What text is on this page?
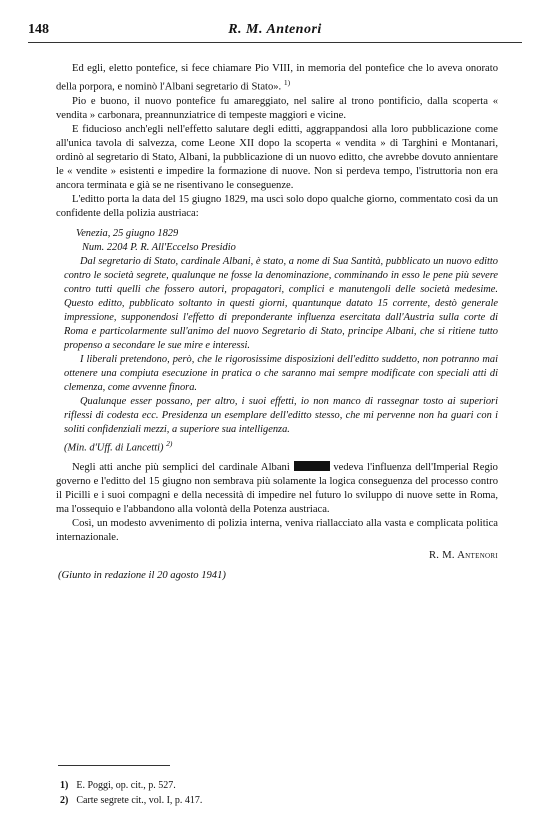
148	R. M. Antenori

Ed egli, eletto pontefice, si fece chiamare Pio VIII, in memoria del pontefice che lo aveva onorato della porpora, e nominò l'Albani segretario di Stato». $^{1)}$

Pio e buono, il nuovo pontefice fu amareggiato, nel salire al trono pontificio, dalla scoperta « vendita » carbonara, preannunziatrice di tempeste maggiori e vicine.

E fiducioso anch'egli nell'effetto salutare degli editti, aggrappandosi alla loro pubblicazione come all'unica tavola di salvezza, come Leone XII dopo la scoperta « vendita » di Targhini e Montanari, ordinò al segretario di Stato, Albani, la pubblicazione di un nuovo editto, che avrebbe dovuto annientare le « vendite » esistenti e impedire la formazione di nuove. Non si perdeva tempo, l'istruttoria non era ancora terminata e già se ne risentivano le conseguenze.

L'editto porta la data del 15 giugno 1829, ma uscì solo dopo qualche giorno, commentato così da un confidente della polizia austriaca:

Venezia, 25 giugno 1829

Num. 2204 P. R. All'Eccelso Presidio

Dal segretario di Stato, cardinale Albani, è stato, a nome di Sua Santità, pubblicato un nuovo editto contro le società segrete, qualunque ne fosse la denominazione, comminando in esso le pene più severe contro tutti quelli che fossero autori, propagatori, complici e manutengoli delle società medesime. Questo editto, pubblicato soltanto in questi giorni, quantunque datato 15 corrente, destò generale impressione, supponendosi l'effetto di preponderante influenza esercitata dall'Austria sulla corte di Roma e particolarmente sull'animo del nuovo Segretario di Stato, principe Albani, che si ritiene tutto propenso a secondare le sue mire e interessi.

I liberali pretendono, però, che le rigorosissime disposizioni dell'editto suddetto, non potranno mai ottenere una compiuta esecuzione in pratica o che saranno mai sempre modificate con speciali atti di clemenza, come avvenne finora.

Qualunque esser possano, per altro, i suoi effetti, io non manco di rassegnar tosto ai superiori riflessi di codesta ecc. Presidenza un esemplare dell'editto stesso, che mi pervenne non ha guari con i soliti confidenziali mezzi, a superiore sua intelligenza.

(Min. d'Uff. di Lancetti) $^{2)}$

Negli atti anche più semplici del cardinale Albani	vedeva l'influenza dell'Imperial Regio governo e l'editto del 15 giugno non sembrava più solamente la logica conseguenza del processo contro il Picilli e i suoi compagni e della necessità di impedire nel futuro lo sviluppo di nuove sette in Roma, ma l'ossequio e l'abbandono alla volontà della Potenza austriaca.

Così, un modesto avvenimento di polizia interna, veniva riallacciato alla vasta e complicata politica internazionale.

R. M. Antenori

(Giunto in redazione il 20 agosto 1941)

1) E. Poggi, op. cit., p. 527.

2) Carte segrete cit., vol. I, p. 417.
